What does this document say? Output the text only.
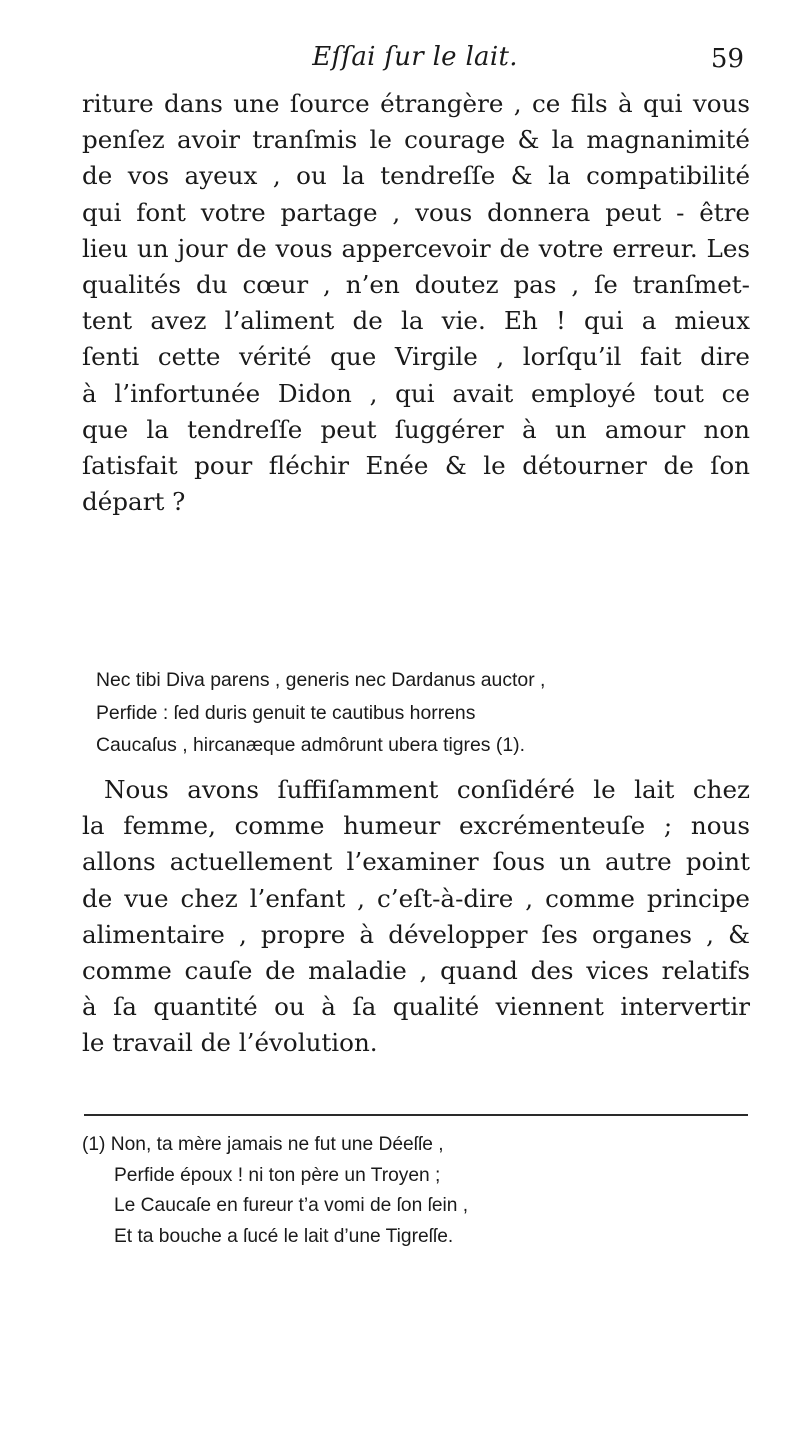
Eſſai ſur le lait.	59
riture dans une ſource étrangère , ce fils à qui vous
penſez avoir tranſmis le courage & la magnanimité
de vos ayeux , ou la tendreſſe & la compatibilité
qui font votre partage , vous donnera peut - être
lieu un jour de vous appercevoir de votre erreur. Les
qualités du cœur , n’en doutez pas , ſe tranſmet-
tent avez l’aliment de la vie. Eh ! qui a mieux
ſenti cette vérité que Virgile , lorſqu’il fait dire
à l’infortunée Didon , qui avait employé tout ce
que la tendreſſe peut ſuggérer à un amour non
ſatisfait pour fléchir Enée & le détourner de ſon
départ ?
Nec tibi Diva parens , generis nec Dardanus auctor ,
Perfide : ſed duris genuit te cautibus horrens
Caucaſus , hircanæque admôrunt ubera tigres (1).
Nous avons ſuffiſamment conſidéré le lait chez
la femme, comme humeur excrémenteuſe ; nous
allons actuellement l’examiner ſous un autre point
de vue chez l’enfant , c’eſt-à-dire , comme principe
alimentaire , propre à développer ſes organes , &
comme cauſe de maladie , quand des vices relatifs
à ſa quantité ou à ſa qualité viennent intervertir
le travail de l’évolution.
(1) Non, ta mère jamais ne fut une Déeſſe ,
Perfide époux ! ni ton père un Troyen ;
Le Caucaſe en fureur t’a vomi de ſon ſein ,
Et ta bouche a ſucé le lait d’une Tigreſſe.
